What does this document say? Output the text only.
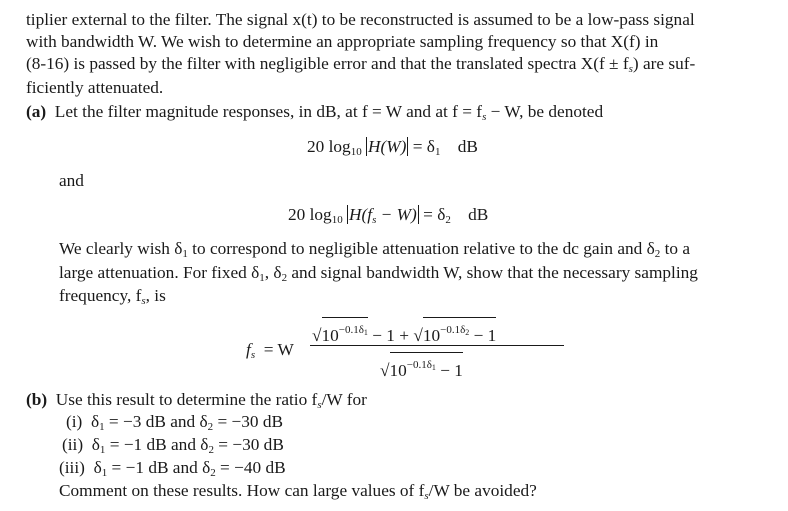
tiplier external to the filter. The signal x(t) to be reconstructed is assumed to be a low-pass signal
with bandwidth W. We wish to determine an appropriate sampling frequency so that X(f) in
(8-16) is passed by the filter with negligible error and that the translated spectra $X(f \pm f_s)$ are suf-
ficiently attenuated.
(a) Let the filter magnitude responses, in dB, at f = W and at $f = f_s - W$, be denoted
20 $\log_{10} H(W) = \delta_1$ dB
and
20 $\log_{10} H(f_s - W) = \delta_2$ dB
We clearly wish $\delta_1$ to correspond to negligible attenuation relative to the dc gain and $\delta_2$ to a
large attenuation. For fixed $\delta_1$, $\delta_2$ and signal bandwidth W, show that the necessary sampling
frequency, $f_s$, is
$f_s = W$
$√10^{-0.1\delta 1} - 1 + √10^{-0.1\delta 2} - 1$
$√10^{-0.1\delta 1} - 1$
(b) Use this result to determine the ratio $f_s/W$ for
(i)  $\delta_1 = -3$ dB and $\delta_2 = -30$ dB
(ii)  $\delta_1 = -1$ dB and $\delta_2 = -30$ dB
(iii)  $\delta_1 = -1$ dB and $\delta_2 = -40$ dB
Comment on these results. How can large values of $f_s/W$ be avoided?
